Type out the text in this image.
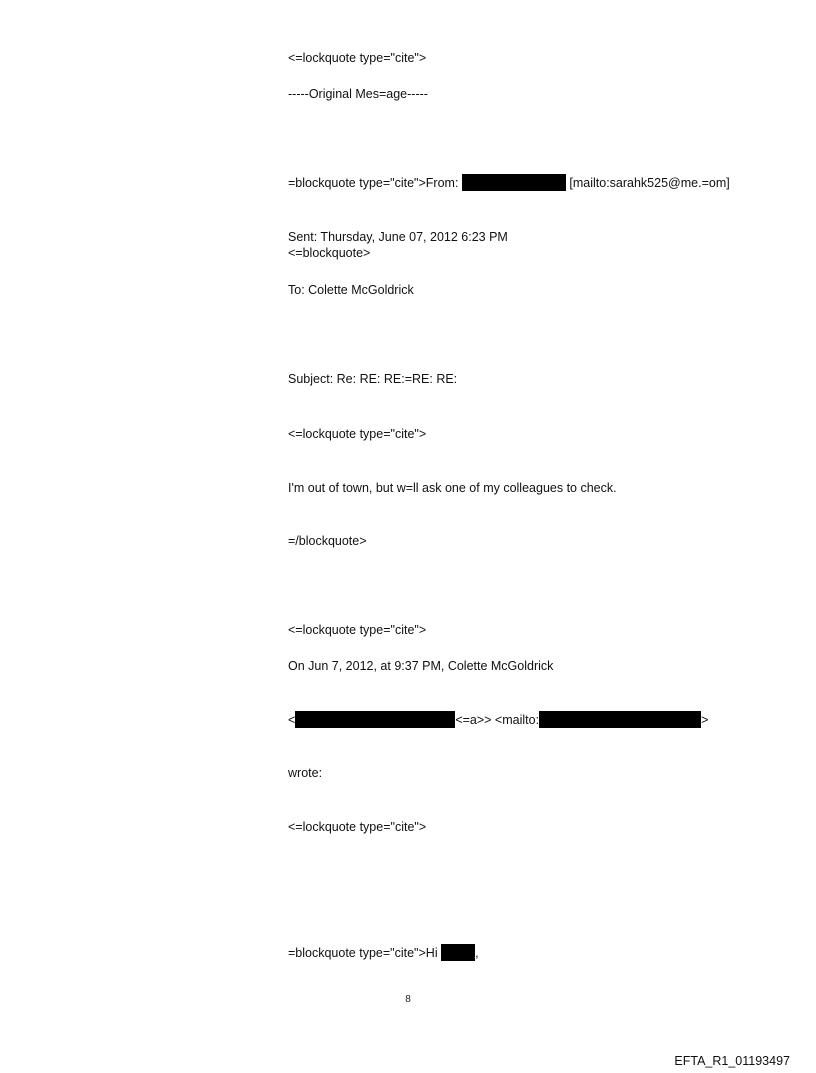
<=lockquote type="cite">
-----Original Mes=age-----
=blockquote type="cite">From:	[mailto:sarahk525@me.=om]
Sent: Thursday, June 07, 2012 6:23 PM
<=blockquote>
To: Colette McGoldrick
Subject: Re: RE: RE:=RE: RE:
<=lockquote type="cite">
I'm out of town, but w=ll ask one of my colleagues to check.
=/blockquote>
<=lockquote type="cite">
On Jun 7, 2012, at 9:37 PM, Colette McGoldrick
<	<=a>> <mailto:	>
wrote:
<=lockquote type="cite">
=blockquote type="cite">Hi	,
8
EFTA_R1_01193497
